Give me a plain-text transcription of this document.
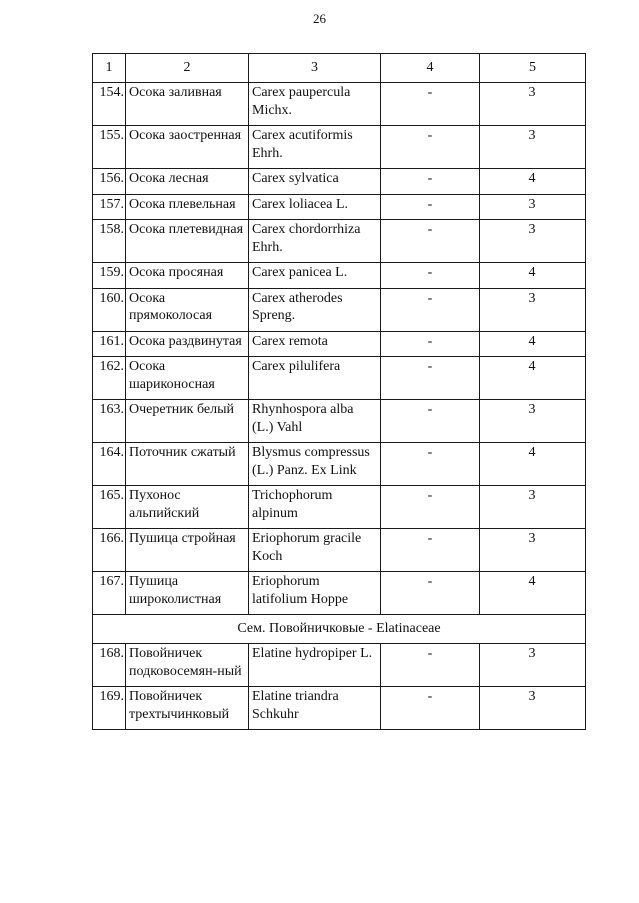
26
1	2	3	4	5
154.	Осока заливная	Carex paupercula Michx.	-	3
155.	Осока заостренная	Carex acutiformis Ehrh.	-	3
156.	Осока лесная	Carex sylvatica	-	4
157.	Осока плевельная	Carex loliacea L.	-	3
158.	Осока плетевидная	Carex chordorrhiza Ehrh.	-	3
159.	Осока просяная	Carex panicea L.	-	4
160.	Осока прямоколосая	Carex atherodes Spreng.	-	3
161.	Осока раздвинутая	Carex remota	-	4
162.	Осока шариконосная	Carex pilulifera	-	4
163.	Очеретник белый	Rhynhospora alba (L.) Vahl	-	3
164.	Поточник сжатый	Blysmus compressus (L.) Panz. Ex Link	-	4
165.	Пухонос альпийский	Trichophorum alpinum	-	3
166.	Пушица стройная	Eriophorum gracile Koch	-	3
167.	Пушица широколистная	Eriophorum latifolium Hoppe	-	4
Сем. Повойничковые - Elatinaceae				
168.	Повойничек подковосемян-ный	Elatine hydropiper L.	-	3
169.	Повойничек трехтычинковый	Elatine triandra Schkuhr	-	3
